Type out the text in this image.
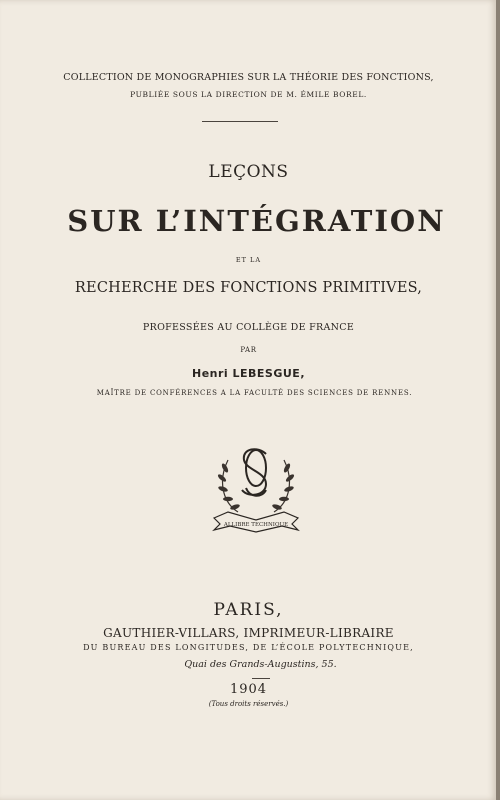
COLLECTION DE MONOGRAPHIES SUR LA THÉORIE DES FONCTIONS,
PUBLIÉE SOUS LA DIRECTION DE M. ÉMILE BOREL.
LEÇONS
SUR L’INTÉGRATION
ET LA
RECHERCHE DES FONCTIONS PRIMITIVES,
PROFESSÉES AU COLLÈGE DE FRANCE
PAR
Henri LEBESGUE,
MAÎTRE DE CONFÉRENCES A LA FACULTÉ DES SCIENCES DE RENNES.
ALLIBRE TECHNIQUE
PARIS,
GAUTHIER-VILLARS, IMPRIMEUR-LIBRAIRE
DU BUREAU DES LONGITUDES, DE L’ÉCOLE POLYTECHNIQUE,
Quai des Grands-Augustins, 55.
1904
(Tous droits réservés.)
